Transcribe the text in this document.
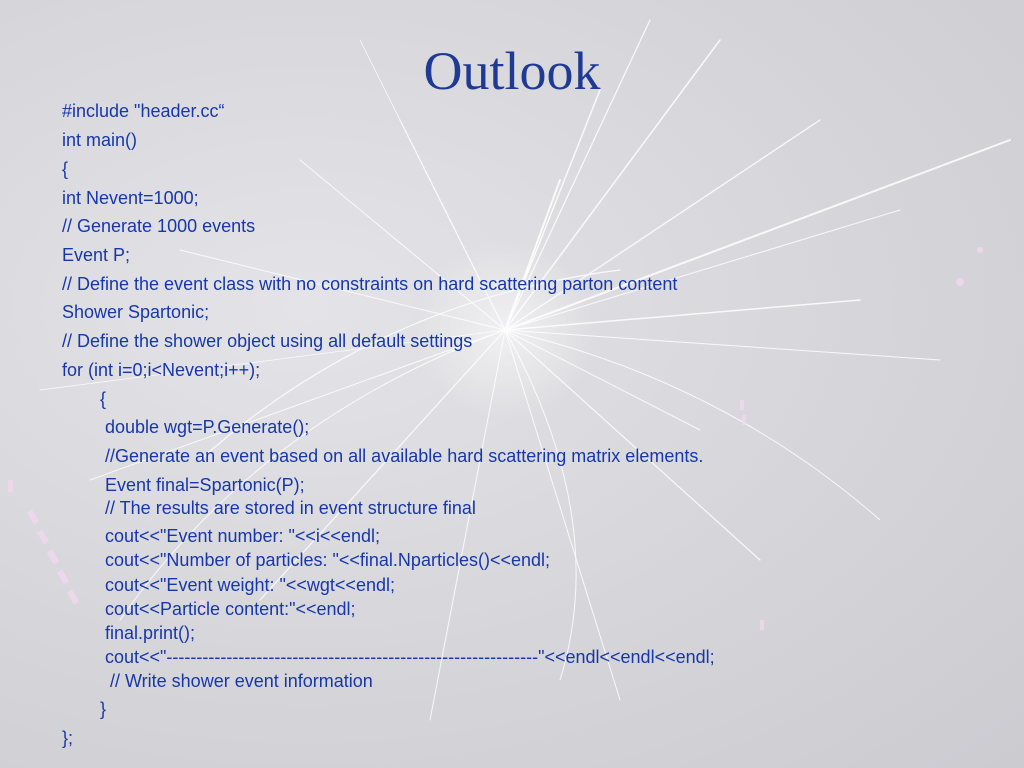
Outlook
#include "header.cc“
int main()
{
int Nevent=1000;
// Generate 1000 events
Event P;
// Define the event class with no constraints on hard scattering parton content
Shower Spartonic;
// Define the shower object using all default settings
for (int i=0;i<Nevent;i++);
{
double wgt=P.Generate();
//Generate an event based on all available hard scattering matrix elements.
Event final=Spartonic(P);
// The results are stored in event structure final
cout<<"Event number: "<<i<<endl;
cout<<"Number of particles: "<<final.Nparticles()<<endl;
cout<<"Event weight: "<<wgt<<endl;
cout<<Particle content:"<<endl;
final.print();
cout<<"--------------------------------------------------------------"<<endl<<endl<<endl;
// Write shower event information
}
};
